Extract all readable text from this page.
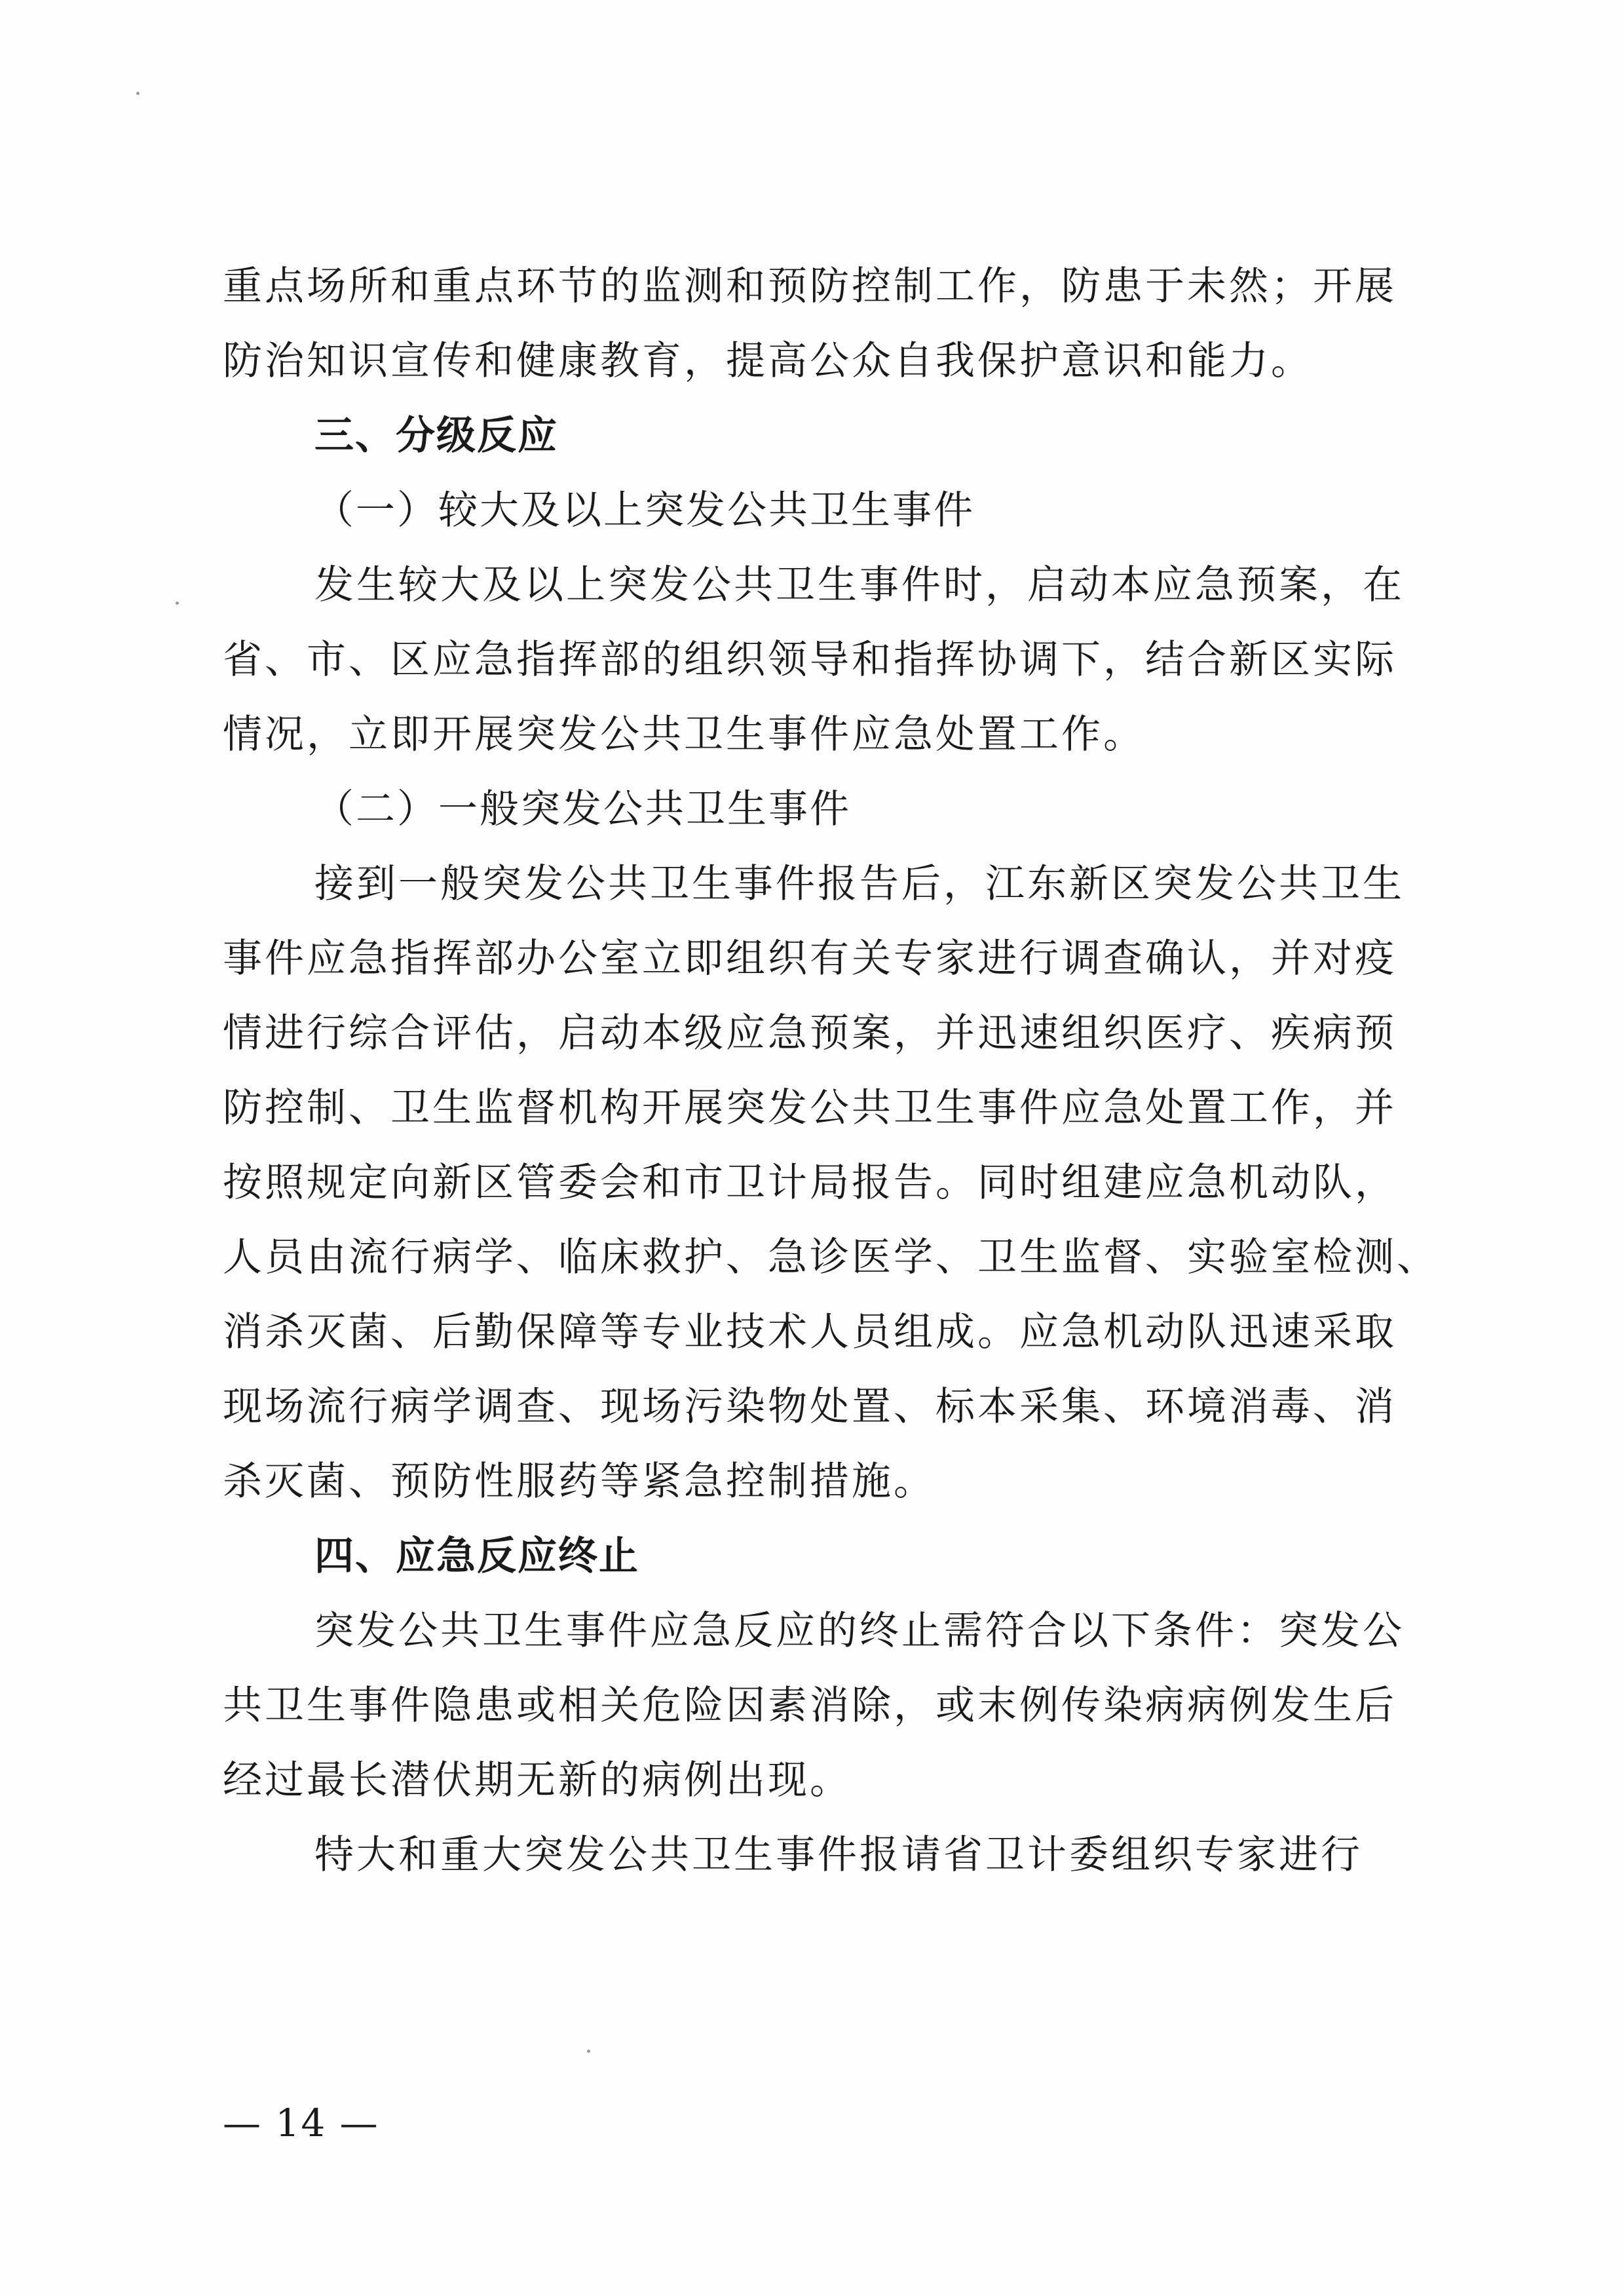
重点场所和重点环节的监测和预防控制工作，防患于未然；开展
防治知识宣传和健康教育，提高公众自我保护意识和能力。
三、分级反应
（一）较大及以上突发公共卫生事件
发生较大及以上突发公共卫生事件时，启动本应急预案，在
省、市、区应急指挥部的组织领导和指挥协调下，结合新区实际
情况，立即开展突发公共卫生事件应急处置工作。
（二）一般突发公共卫生事件
接到一般突发公共卫生事件报告后，江东新区突发公共卫生
事件应急指挥部办公室立即组织有关专家进行调查确认，并对疫
情进行综合评估，启动本级应急预案，并迅速组织医疗、疾病预
防控制、卫生监督机构开展突发公共卫生事件应急处置工作，并
按照规定向新区管委会和市卫计局报告。同时组建应急机动队，
人员由流行病学、临床救护、急诊医学、卫生监督、实验室检测、
消杀灭菌、后勤保障等专业技术人员组成。应急机动队迅速采取
现场流行病学调查、现场污染物处置、标本采集、环境消毒、消
杀灭菌、预防性服药等紧急控制措施。
四、应急反应终止
突发公共卫生事件应急反应的终止需符合以下条件：突发公
共卫生事件隐患或相关危险因素消除，或末例传染病病例发生后
经过最长潜伏期无新的病例出现。
特大和重大突发公共卫生事件报请省卫计委组织专家进行
— 14 —
